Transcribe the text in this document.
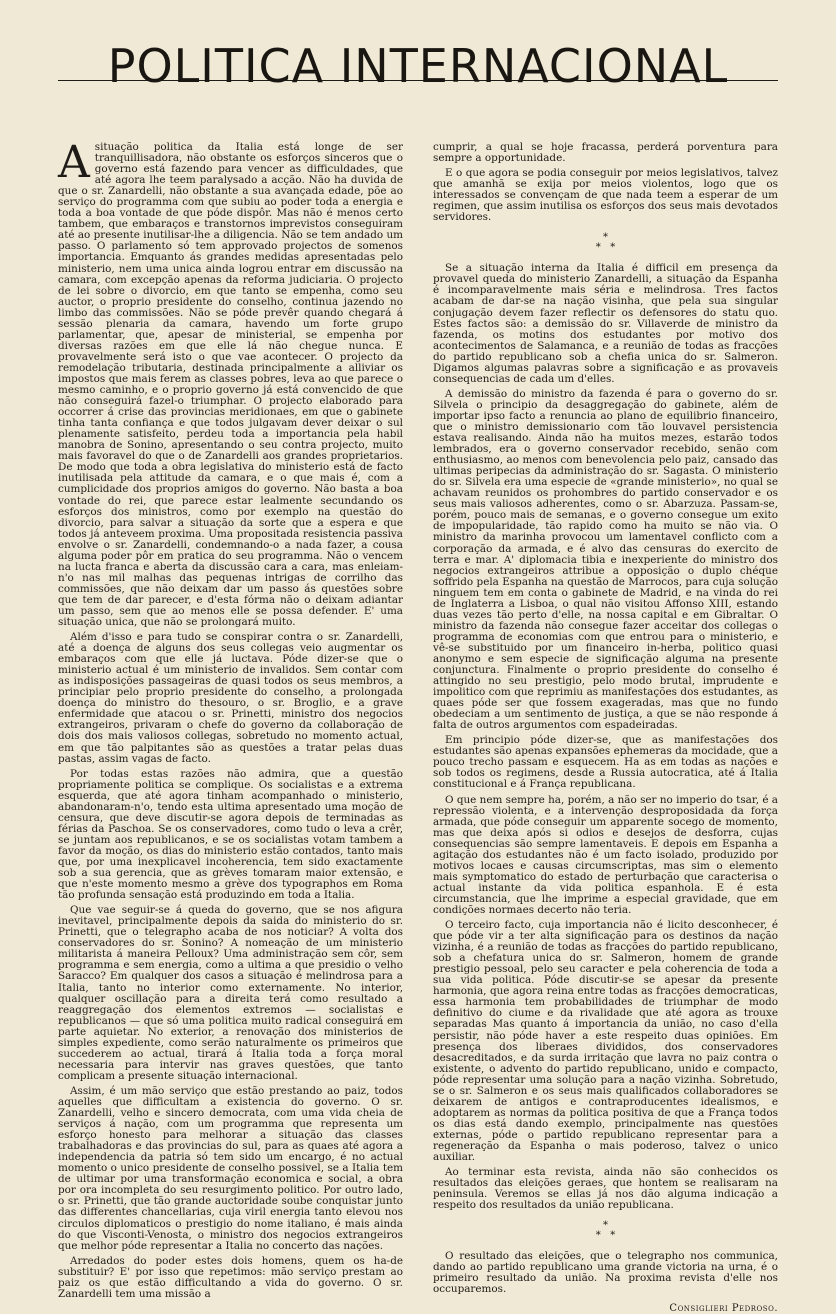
POLITICA INTERNACIONAL

Asituação politica da Italia está longe de ser tranquillisadora, não obstante os esforços sinceros que o governo está fazendo para vencer as difficuldades, que até agora lhe teem paralysado a acção. Não ha duvida de que o sr. Zanardelli, não obstante a sua avançada edade, põe ao serviço do programma com que subiu ao poder toda a energia e toda a boa vontade de que póde dispôr. Mas não é menos certo tambem, que embaraços e transtornos imprevistos conseguiram até ao presente inutilisar-lhe a diligencia. Não se tem andado um passo. O parlamento só tem approvado projectos de somenos importancia. Emquanto ás grandes medidas apresentadas pelo ministerio, nem uma unica ainda logrou entrar em discussão na camara, com excepção apenas da reforma judiciaria. O projecto de lei sobre o divorcio, em que tanto se empenha, como seu auctor, o proprio presidente do conselho, continua jazendo no limbo das commissões. Não se póde prevêr quando chegará á sessão plenaria da camara, havendo um forte grupo parlamentar, que, apesar de ministerial, se empenha por diversas razões em que elle lá não chegue nunca. E provavelmente será isto o que vae acontecer. O projecto da remodelação tributaria, destinada principalmente a alliviar os impostos que mais ferem as classes pobres, leva ao que parece o mesmo caminho, e o proprio governo já está convencido de que não conseguirá fazel-o triumphar. O projecto elaborado para occorrer á crise das provincias meridionaes, em que o gabinete tinha tanta confiança e que todos julgavam dever deixar o sul plenamente satisfeito, perdeu toda a importancia pela habil manobra de Sonino, apresentando o seu contra projecto, muito mais favoravel do que o de Zanardelli aos grandes proprietarios. De modo que toda a obra legislativa do ministerio está de facto inutilisada pela attitude da camara, e o que mais é, com a cumplicidade dos proprios amigos do governo. Não basta a boa vontade do rei, que parece estar lealmente secundando os esforços dos ministros, como por exemplo na questão do divorcio, para salvar a situação da sorte que a espera e que todos já anteveem proxima. Uma propositada resistencia passiva envolve o sr. Zanardelli, condemnando-o a nada fazer, a cousa alguma poder pôr em pratica do seu programma. Não o vencem na lucta franca e aberta da discussão cara a cara, mas enleiam-n'o nas mil malhas das pequenas intrigas de corrilho das commissões, que não deixam dar um passo ás questões sobre que tem de dar parecer, e d'esta fórma não o deixam adiantar um passo, sem que ao menos elle se possa defender. E' uma situação unica, que não se prolongará muito.

Além d'isso e para tudo se conspirar contra o sr. Zanardelli, até a doença de alguns dos seus collegas veio augmentar os embaraços com que elle já luctava. Póde dizer-se que o ministerio actual é um ministerio de invalidos. Sem contar com as indisposições passageiras de quasi todos os seus membros, a principiar pelo proprio presidente do conselho, a prolongada doença do ministro do thesouro, o sr. Broglio, e a grave enfermidade que atacou o sr. Prinetti, ministro dos negocios extrangeiros, privaram o chefe do governo da collaboração de dois dos mais valiosos collegas, sobretudo no momento actual, em que tão palpitantes são as questões a tratar pelas duas pastas, assim vagas de facto.

Por todas estas razões não admira, que a questão propriamente politica se complique. Os socialistas e a extrema esquerda, que até agora tinham acompanhado o ministerio, abandonaram-n'o, tendo esta ultima apresentado uma moção de censura, que deve discutir-se agora depois de terminadas as férias da Paschoa. Se os conservadores, como tudo o leva a crêr, se juntam aos republicanos, e se os socialistas votam tambem a favor da moção, os dias do ministerio estão contados, tanto mais que, por uma inexplicavel incoherencia, tem sido exactamente sob a sua gerencia, que as grèves tomaram maior extensão, e que n'este momento mesmo a grève dos typographos em Roma tão profunda sensação está produzindo em toda a Italia.

Que vae seguir-se á queda do governo, que se nos afigura inevitavel, principalmente depois da saida do ministerio do sr. Prinetti, que o telegrapho acaba de nos noticiar? A volta dos conservadores do sr. Sonino? A nomeação de um ministerio militarista á maneira Pelloux? Uma administração sem côr, sem programma e sem energia, como a ultima a que presidio o velho Saracco? Em qualquer dos casos a situação é melindrosa para a Italia, tanto no interior como externamente. No interior, qualquer oscillação para a direita terá como resultado a reaggregação dos elementos extremos — socialistas e republicanos — que só uma politica muito radical conseguirá em parte aquietar. No exterior, a renovação dos ministerios de simples expediente, como serão naturalmente os primeiros que succederem ao actual, tirará á Italia toda a força moral necessaria para intervir nas graves questões, que tanto complicam a presente situação internacional.

Assim, é um mão serviço que estão prestando ao paiz, todos aquelles que difficultam a existencia do governo. O sr. Zanardelli, velho e sincero democrata, com uma vida cheia de serviços á nação, com um programma que representa um esforço honesto para melhorar a situação das classes trabalhadoras e das provincias do sul, para as quaes até agora a independencia da patria só tem sido um encargo, é no actual momento o unico presidente de conselho possivel, se a Italia tem de ultimar por uma transformação economica e social, a obra por ora incompleta do seu resurgimento politico. Por outro lado, o sr. Prinetti, que tão grande auctoridade soube conquistar junto das differentes chancellarias, cuja viril energia tanto elevou nos circulos diplomaticos o prestigio do nome italiano, é mais ainda do que Visconti-Venosta, o ministro dos negocios extrangeiros que melhor póde representar a Italia no concerto das nações.

Arredados do poder estes dois homens, quem os ha-de substituir? E' por isso que repetimos: mão serviço prestam ao paiz os que estão difficultando a vida do governo. O sr. Zanardelli tem uma missão a

cumprir, a qual se hoje fracassa, perderá porventura para sempre a opportunidade.

E o que agora se podia conseguir por meios legislativos, talvez que amanhã se exija por meios violentos, logo que os interessados se convençam de que nada teem a esperar de um regimen, que assim inutilisa os esforços dos seus mais devotados servidores.

*
* *

Se a situação interna da Italia é difficil em presença da provavel queda do ministerio Zanardelli, a situação da Espanha é incomparavelmente mais séria e melindrosa. Tres factos acabam de dar-se na nação visinha, que pela sua singular conjugação devem fazer reflectir os defensores do statu quo. Estes factos são: a demissão do sr. Villaverde de ministro da fazenda, os motins dos estudantes por motivo dos acontecimentos de Salamanca, e a reunião de todas as fracções do partido republicano sob a chefia unica do sr. Salmeron. Digamos algumas palavras sobre a significação e as provaveis consequencias de cada um d'elles.

A demissão do ministro da fazenda é para o governo do sr. Silvela o principio da desaggregação do gabinete, além de importar ipso facto a renuncia ao plano de equilibrio financeiro, que o ministro demissionario com tão louvavel persistencia estava realisando. Ainda não ha muitos mezes, estarão todos lembrados, era o governo conservador recebido, senão com enthusiasmo, ao menos com benevolencia pelo paiz, cansado das ultimas peripecias da administração do sr. Sagasta. O ministerio do sr. Silvela era uma especie de «grande ministerio», no qual se achavam reunidos os prohombres do partido conservador e os seus mais valiosos adherentes, como o sr. Abarzuza. Passam-se, porém, pouco mais de semanas, e o governo consegue um exito de impopularidade, tão rapido como ha muito se não via. O ministro da marinha provocou um lamentavel conflicto com a corporação da armada, e é alvo das censuras do exercito de terra e mar. A' diplomacia tibia e inexperiente do ministro dos negocios extrangeiros attribue a opposição o duplo chéque soffrido pela Espanha na questão de Marrocos, para cuja solução ninguem tem em conta o gabinete de Madrid, e na vinda do rei de Inglaterra a Lisboa, o qual não visitou Affonso XIII, estando duas vezes tão perto d'elle, na nossa capital e em Gibraltar. O ministro da fazenda não consegue fazer acceitar dos collegas o programma de economias com que entrou para o ministerio, e vê-se substituido por um financeiro in-herba, politico quasi anonymo e sem especie de significação alguma na presente conjunctura. Finalmente o proprio presidente do conselho é attingido no seu prestigio, pelo modo brutal, imprudente e impolitico com que reprimiu as manifestações dos estudantes, as quaes póde ser que fossem exageradas, mas que no fundo obedeciam a um sentimento de justiça, a que se não responde á falta de outros argumentos com espadeiradas.

Em principio póde dizer-se, que as manifestações dos estudantes são apenas expansões ephemeras da mocidade, que a pouco trecho passam e esquecem. Ha as em todas as nações e sob todos os regimens, desde a Russia autocratica, até á Italia constitucional e á França republicana.

O que nem sempre ha, porém, a não ser no imperio do tsar, é a repressão violenta, e a intervenção desproposidada da força armada, que póde conseguir um apparente socego de momento, mas que deixa após si odios e desejos de desforra, cujas consequencias são sempre lamentaveis. E depois em Espanha a agitação dos estudantes não é um facto isolado, produzido por motivos locaes e causas circumscriptas, mas sim o elemento mais symptomatico do estado de perturbação que caracterisa o actual instante da vida politica espanhola. E é esta circumstancia, que lhe imprime a especial gravidade, que em condições normaes decerto não teria.

O terceiro facto, cuja importancia não é licito desconhecer, é que póde vir a ter alta significação para os destinos da nação vizinha, é a reunião de todas as fracções do partido republicano, sob a chefatura unica do sr. Salmeron, homem de grande prestigio pessoal, pelo seu caracter e pela coherencia de toda a sua vida politica. Póde discutir-se se apesar da presente harmonia, que agora reina entre todas as fracções democraticas, essa harmonia tem probabilidades de triumphar de modo definitivo do ciume e da rivalidade que até agora as trouxe separadas Mas quanto á importancia da união, no caso d'ella persistir, não póde haver a este respeito duas opiniões. Em presença dos liberaes divididos, dos conservadores desacreditados, e da surda irritação que lavra no paiz contra o existente, o advento do partido republicano, unido e compacto, póde representar uma solução para a nação vizinha. Sobretudo, se o sr. Salmeron e os seus mais qualificados collaboradores se deixarem de antigos e contraproducentes idealismos, e adoptarem as normas da politica positiva de que a França todos os dias está dando exemplo, principalmente nas questões externas, póde o partido republicano representar para a regeneração da Espanha o mais poderoso, talvez o unico auxiliar.

Ao terminar esta revista, ainda não são conhecidos os resultados das eleições geraes, que hontem se realisaram na peninsula. Veremos se ellas já nos dão alguma indicação a respeito dos resultados da união republicana.

*
* *

O resultado das eleições, que o telegrapho nos communica, dando ao partido republicano uma grande victoria na urna, é o primeiro resultado da união. Na proxima revista d'elle nos occuparemos.

Consiglieri Pedroso.
